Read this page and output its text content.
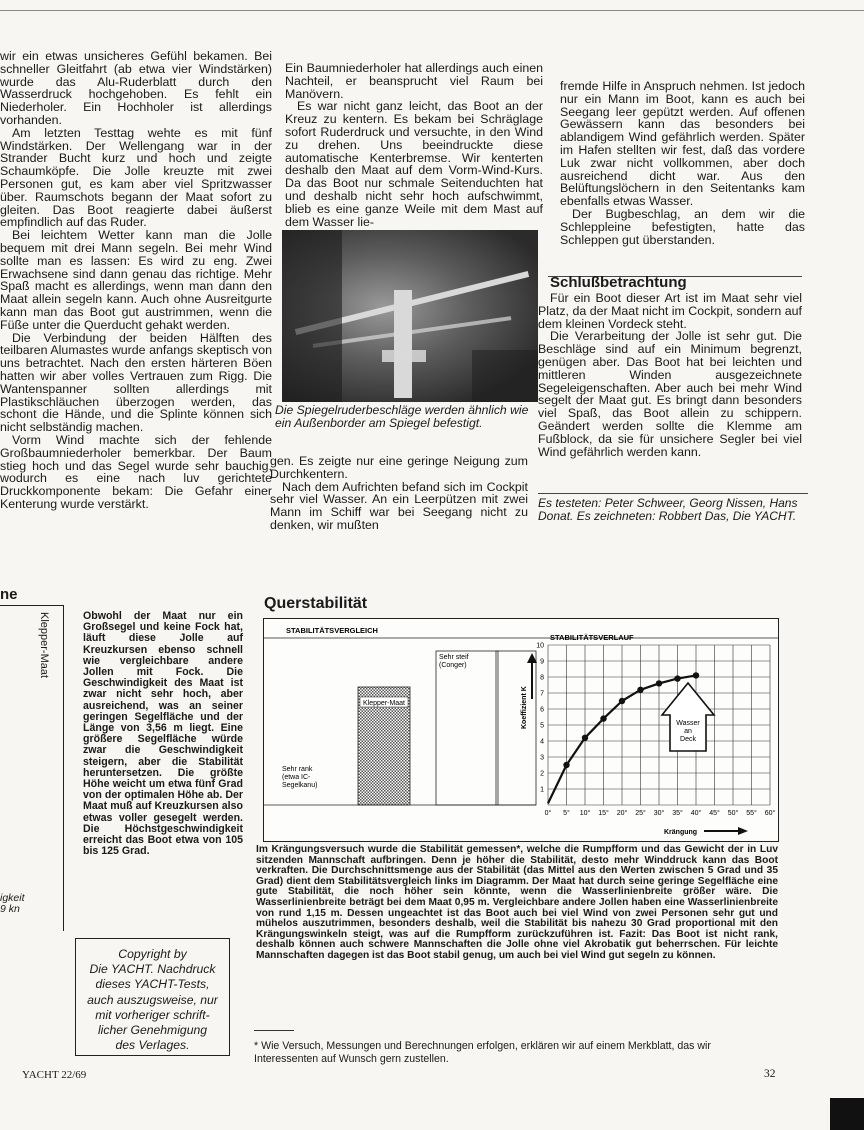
wir ein etwas unsicheres Gefühl bekamen. Bei schneller Gleitfahrt (ab etwa vier Windstärken) wurde das Alu-Ruderblatt durch den Wasserdruck hochgehoben. Es fehlt ein Niederholer. Ein Hochholer ist allerdings vorhanden.

Am letzten Testtag wehte es mit fünf Windstärken. Der Wellengang war in der Strander Bucht kurz und hoch und zeigte Schaumköpfe. Die Jolle kreuzte mit zwei Personen gut, es kam aber viel Spritzwasser über. Raumschots begann der Maat sofort zu gleiten. Das Boot reagierte dabei äußerst empfindlich auf das Ruder.

Bei leichtem Wetter kann man die Jolle bequem mit drei Mann segeln. Bei mehr Wind sollte man es lassen: Es wird zu eng. Zwei Erwachsene sind dann genau das richtige. Mehr Spaß macht es allerdings, wenn man dann den Maat allein segeln kann. Auch ohne Ausreitgurte kann man das Boot gut austrimmen, wenn die Füße unter die Querducht gehakt werden.

Die Verbindung der beiden Hälften des teilbaren Alumastes wurde anfangs skeptisch von uns betrachtet. Nach den ersten härteren Böen hatten wir aber volles Vertrauen zum Rigg. Die Wantenspanner sollten allerdings mit Plastikschläuchen überzogen werden, das schont die Hände, und die Splinte können sich nicht selbständig machen.

Vorm Wind machte sich der fehlende Großbaumniederholer bemerkbar. Der Baum stieg hoch und das Segel wurde sehr bauchig, wodurch es eine nach luv gerichtete Druckkomponente bekam: Die Gefahr einer Kenterung wurde verstärkt.

Ein Baumniederholer hat allerdings auch einen Nachteil, er beansprucht viel Raum bei Manövern.

Es war nicht ganz leicht, das Boot an der Kreuz zu kentern. Es bekam bei Schräglage sofort Ruderdruck und versuchte, in den Wind zu drehen. Uns beeindruckte diese automatische Kenterbremse. Wir kenterten deshalb den Maat auf dem Vorm-Wind-Kurs. Da das Boot nur schmale Seitenduchten hat und deshalb nicht sehr hoch aufschwimmt, blieb es eine ganze Weile mit dem Mast auf dem Wasser lie-

Die Spiegelruderbeschläge werden ähnlich wie ein Außenborder am Spiegel befestigt.

gen. Es zeigte nur eine geringe Neigung zum Durchkentern.

Nach dem Aufrichten befand sich im Cockpit sehr viel Wasser. An ein Leerpützen mit zwei Mann im Schiff war bei Seegang nicht zu denken, wir mußten

fremde Hilfe in Anspruch nehmen. Ist jedoch nur ein Mann im Boot, kann es auch bei Seegang leer gepützt werden. Auf offenen Gewässern kann das besonders bei ablandigem Wind gefährlich werden. Später im Hafen stellten wir fest, daß das vordere Luk zwar nicht vollkommen, aber doch ausreichend dicht war. Aus den Belüftungslöchern in den Seitentanks kam ebenfalls etwas Wasser.

Der Bugbeschlag, an dem wir die Schleppleine befestigten, hatte das Schleppen gut überstanden.

Schlußbetrachtung

Für ein Boot dieser Art ist im Maat sehr viel Platz, da der Maat nicht im Cockpit, sondern auf dem kleinen Vordeck steht.

Die Verarbeitung der Jolle ist sehr gut. Die Beschläge sind auf ein Minimum begrenzt, genügen aber. Das Boot hat bei leichten und mittleren Winden ausgezeichnete Segeleigenschaften. Aber auch bei mehr Wind segelt der Maat gut. Es bringt dann besonders viel Spaß, das Boot allein zu schippern. Geändert werden sollte die Klemme am Fußblock, da sie für unsichere Segler bei viel Wind gefährlich werden kann.

Es testeten: Peter Schweer, Georg Nissen, Hans Donat. Es zeichneten: Robbert Das, Die YACHT.
ne
Klepper-Maat
igkeit
9 kn
Obwohl der Maat nur ein Großsegel und keine Fock hat, läuft diese Jolle auf Kreuzkursen ebenso schnell wie vergleichbare andere Jollen mit Fock. Die Geschwindigkeit des Maat ist zwar nicht sehr hoch, aber ausreichend, was an seiner geringen Segelfläche und der Länge von 3,56 m liegt. Eine größere Segelfläche würde zwar die Geschwindigkeit steigern, aber die Stabilität heruntersetzen. Die größte Höhe weicht um etwa fünf Grad von der optimalen Höhe ab. Der Maat muß auf Kreuzkursen also etwas voller gesegelt werden. Die Höchstgeschwindigkeit erreicht das Boot etwa von 105 bis 125 Grad.
Querstabilität
STABILITÄTSVERGLEICH
Sehr steif
(Conger)
Sehr rank
(etwa IC-
Segelkanu)
Klepper-Maat
1
2
3
4
5
6
7
8
9
10
0° 5° 10° 15° 20° 25° 30° 35° 40° 45° 50° 55° 60°
Wasser
an
Deck
STABILITÄTSVERLAUF
Koeffizient K
Krängung
Im Krängungsversuch wurde die Stabilität gemessen*, welche die Rumpfform und das Gewicht der in Luv sitzenden Mannschaft aufbringen. Denn je höher die Stabilität, desto mehr Winddruck kann das Boot verkraften. Die Durchschnittsmenge aus der Stabilität (das Mittel aus den Werten zwischen 5 Grad und 35 Grad) dient dem Stabilitätsvergleich links im Diagramm. Der Maat hat durch seine geringe Segelfläche eine gute Stabilität, die noch höher sein könnte, wenn die Wasserlinienbreite größer wäre. Die Wasserlinienbreite beträgt bei dem Maat 0,95 m. Vergleichbare andere Jollen haben eine Wasserlinienbreite von rund 1,15 m. Dessen ungeachtet ist das Boot auch bei viel Wind von zwei Personen sehr gut und mühelos auszutrimmen, besonders deshalb, weil die Stabilität bis nahezu 30 Grad proportional mit den Krängungswinkeln steigt, was auf die Rumpfform zurückzuführen ist. Fazit: Das Boot ist nicht rank, deshalb können auch schwere Mannschaften die Jolle ohne viel Akrobatik gut beherrschen. Für leichte Mannschaften dagegen ist das Boot stabil genug, um auch bei viel Wind gut segeln zu können.
Copyright by
Die YACHT. Nachdruck
dieses YACHT-Tests,
auch auszugsweise, nur
mit vorheriger schrift-
licher Genehmigung
des Verlages.	* Wie Versuch, Messungen und Berechnungen erfolgen, erklären wir auf einem Merkblatt, das wir Interessenten auf Wunsch gern zustellen.
YACHT 22/69	32
